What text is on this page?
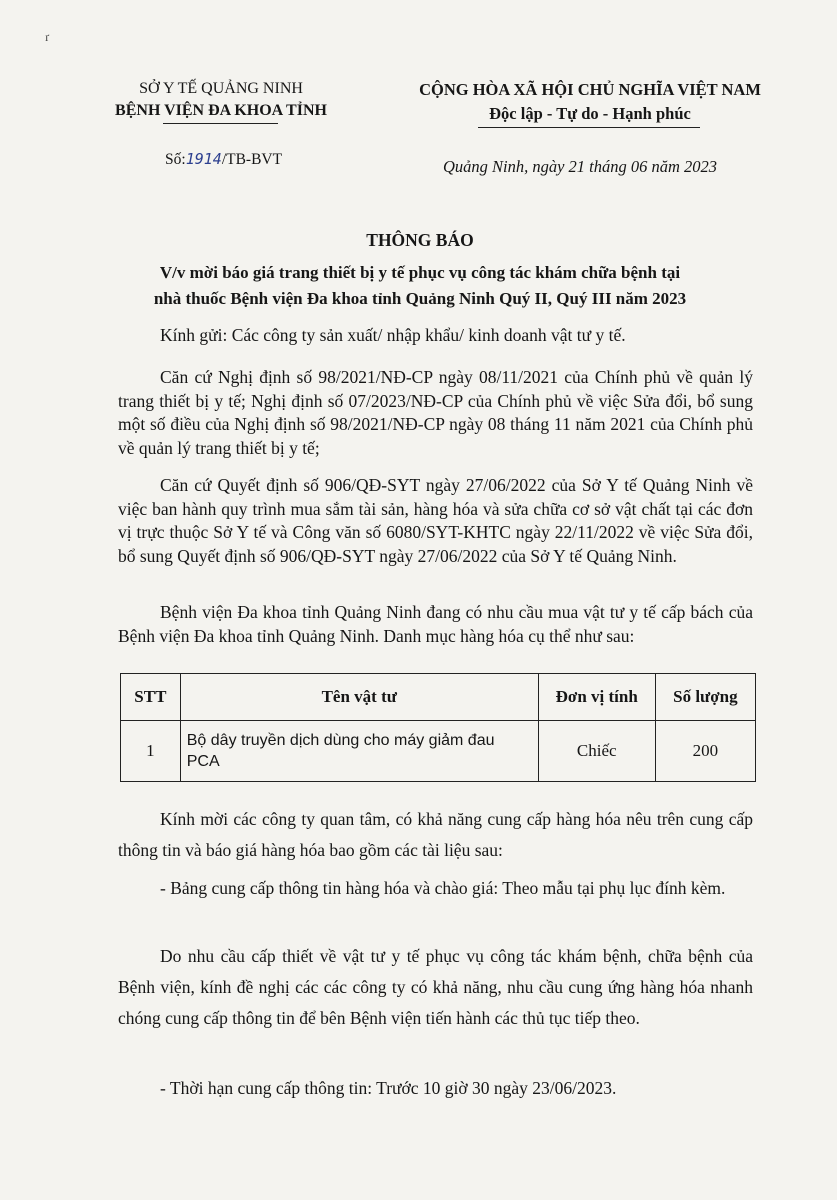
ґ
SỞ Y TẾ QUẢNG NINH
BỆNH VIỆN ĐA KHOA TỈNH
CỘNG HÒA XÃ HỘI CHỦ NGHĨA VIỆT NAM
Độc lập - Tự do - Hạnh phúc
Số:1914/TB-BVT	Quảng Ninh, ngày 21 tháng 06 năm 2023
THÔNG BÁO
V/v mời báo giá trang thiết bị y tế phục vụ công tác khám chữa bệnh tại
nhà thuốc Bệnh viện Đa khoa tỉnh Quảng Ninh Quý II, Quý III năm 2023
Kính gửi: Các công ty sản xuất/ nhập khẩu/ kinh doanh vật tư y tế.
Căn cứ Nghị định số 98/2021/NĐ-CP ngày 08/11/2021 của Chính phủ về quản lý trang thiết bị y tế; Nghị định số 07/2023/NĐ-CP của Chính phủ về việc Sửa đổi, bổ sung một số điều của Nghị định số 98/2021/NĐ-CP ngày 08 tháng 11 năm 2021 của Chính phủ về quản lý trang thiết bị y tế;
Căn cứ Quyết định số 906/QĐ-SYT ngày 27/06/2022 của Sở Y tế Quảng Ninh về việc ban hành quy trình mua sắm tài sản, hàng hóa và sửa chữa cơ sở vật chất tại các đơn vị trực thuộc Sở Y tế và Công văn số 6080/SYT-KHTC ngày 22/11/2022 về việc Sửa đổi, bổ sung Quyết định số 906/QĐ-SYT ngày 27/06/2022 của Sở Y tế Quảng Ninh.
Bệnh viện Đa khoa tỉnh Quảng Ninh đang có nhu cầu mua vật tư y tế cấp bách của Bệnh viện Đa khoa tỉnh Quảng Ninh. Danh mục hàng hóa cụ thể như sau:
STT	Tên vật tư	Đơn vị tính	Số lượng
1	Bộ dây truyền dịch dùng cho máy giảm đau PCA	Chiếc	200
Kính mời các công ty quan tâm, có khả năng cung cấp hàng hóa nêu trên cung cấp thông tin và báo giá hàng hóa bao gồm các tài liệu sau:
- Bảng cung cấp thông tin hàng hóa và chào giá: Theo mẫu tại phụ lục đính kèm.
Do nhu cầu cấp thiết về vật tư y tế phục vụ công tác khám bệnh, chữa bệnh của Bệnh viện, kính đề nghị các các công ty có khả năng, nhu cầu cung ứng hàng hóa nhanh chóng cung cấp thông tin để bên Bệnh viện tiến hành các thủ tục tiếp theo.
- Thời hạn cung cấp thông tin: Trước 10 giờ 30 ngày 23/06/2023.
